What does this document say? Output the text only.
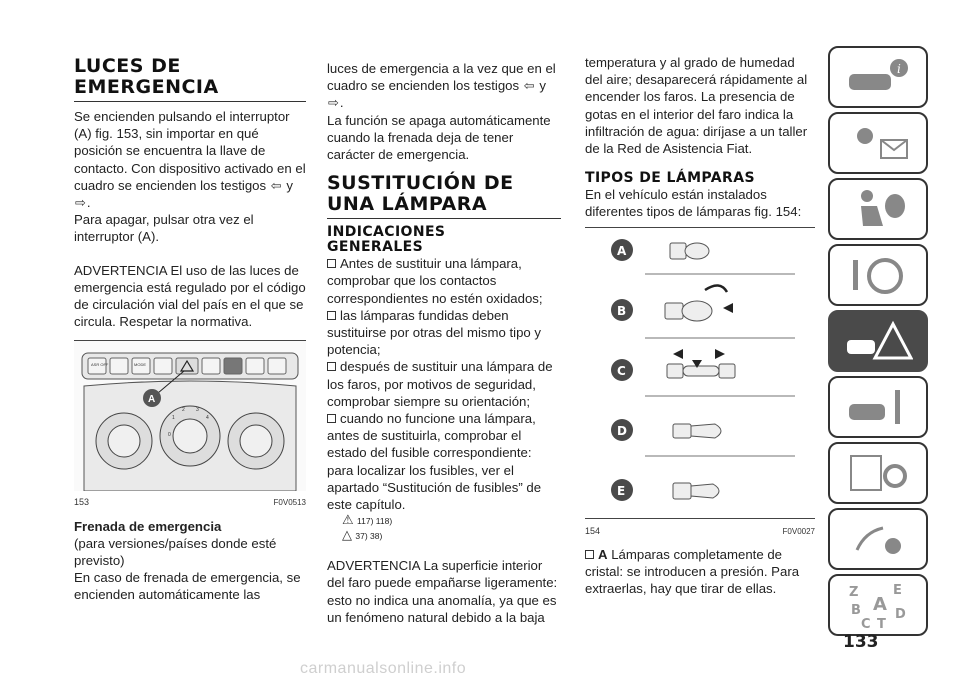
LUCES DE
EMERGENCIA

Se encienden pulsando el interruptor (A) fig. 153, sin importar en qué posición se encuentra la llave de contacto. Con dispositivo activado en el cuadro se encienden los testigos ⇦ y ⇨.

Para apagar, pulsar otra vez el interruptor (A).

ADVERTENCIA El uso de las luces de emergencia está regulado por el código de circulación vial del país en el que se circula. Respetar la normativa.

ASR OFF	MODE
1
2 3
4
0
A
153	F0V0513

Frenada de emergencia

(para versiones/países donde esté previsto)

En caso de frenada de emergencia, se encienden automáticamente las

luces de emergencia a la vez que en el cuadro se encienden los testigos ⇦ y
⇨.

La función se apaga automáticamente cuando la frenada deja de tener carácter de emergencia.

SUSTITUCIÓN DE
UNA LÁMPARA
INDICACIONES
GENERALES

Antes de sustituir una lámpara, comprobar que los contactos correspondientes no estén oxidados;

las lámparas fundidas deben sustituirse por otras del mismo tipo y potencia;

después de sustituir una lámpara de los faros, por motivos de seguridad, comprobar siempre su orientación;

cuando no funcione una lámpara, antes de sustituirla, comprobar el estado del fusible correspondiente: para localizar los fusibles, ver el apartado “Sustitución de fusibles” de este capítulo.

⚠ 117) 118)
△ 37) 38)

ADVERTENCIA La superficie interior del faro puede empañarse ligeramente: esto no indica una anomalía, ya que es un fenómeno natural debido a la baja

temperatura y al grado de humedad del aire; desaparecerá rápidamente al encender los faros. La presencia de gotas en el interior del faro indica la infiltración de agua: diríjase a un taller de la Red de Asistencia Fiat.

TIPOS DE LÁMPARAS

En el vehículo están instalados diferentes tipos de lámparas fig. 154:

A
B
C
D
E
154	F0V0027

A Lámparas completamente de cristal: se introducen a presión. Para extraerlas, hay que tirar de ellas.

i
Z	E
B A
C
D
T
133
carmanualsonline.info
